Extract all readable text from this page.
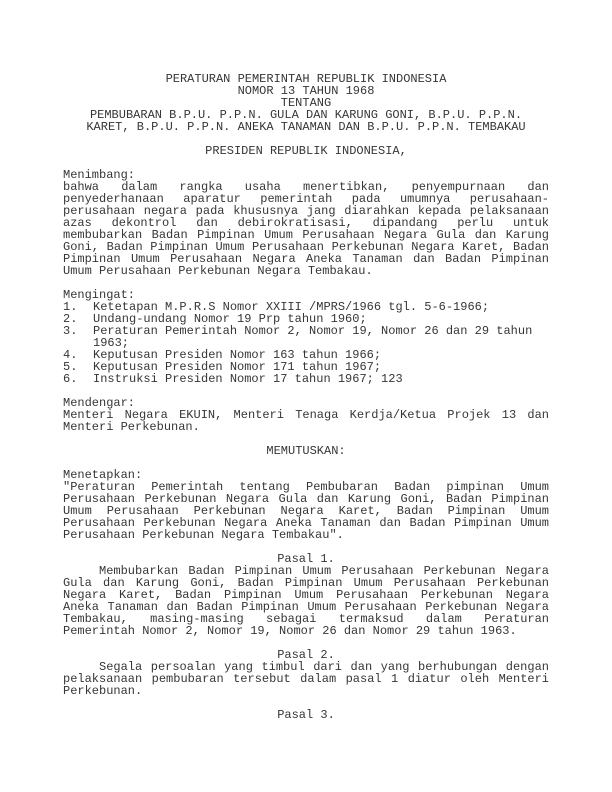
PERATURAN PEMERINTAH REPUBLIK INDONESIA
NOMOR 13 TAHUN 1968
TENTANG
PEMBUBARAN B.P.U. P.P.N. GULA DAN KARUNG GONI, B.P.U. P.P.N.
KARET, B.P.U. P.P.N. ANEKA TANAMAN DAN B.P.U. P.P.N. TEMBAKAU
PRESIDEN REPUBLIK INDONESIA,
Menimbang:
bahwa dalam rangka usaha menertibkan, penyempurnaan dan penyederhanaan aparatur pemerintah pada umumnya perusahaan-perusahaan negara pada khususnya jang diarahkan kepada pelaksanaan azas dekontrol dan debirokratisasi, dipandang perlu untuk membubarkan Badan Pimpinan Umum Perusahaan Negara Gula dan Karung Goni, Badan Pimpinan Umum Perusahaan Perkebunan Negara Karet, Badan Pimpinan Umum Perusahaan Negara Aneka Tanaman dan Badan Pimpinan Umum Perusahaan Perkebunan Negara Tembakau.
Mengingat:
1.	Ketetapan M.P.R.S Nomor XXIII /MPRS/1966 tgl. 5-6-1966;
2.	Undang-undang Nomor 19 Prp tahun 1960;
3.	Peraturan Pemerintah Nomor 2, Nomor 19, Nomor 26 dan 29 tahun 1963;
4.	Keputusan Presiden Nomor 163 tahun 1966;
5.	Keputusan Presiden Nomor 171 tahun 1967;
6.	Instruksi Presiden Nomor 17 tahun 1967; 123
Mendengar:
Menteri Negara EKUIN, Menteri Tenaga Kerdja/Ketua Projek 13 dan Menteri Perkebunan.
MEMUTUSKAN:
Menetapkan:
"Peraturan Pemerintah tentang Pembubaran Badan pimpinan Umum Perusahaan Perkebunan Negara Gula dan Karung Goni, Badan Pimpinan Umum Perusahaan Perkebunan Negara Karet, Badan Pimpinan Umum Perusahaan Perkebunan Negara Aneka Tanaman dan Badan Pimpinan Umum Perusahaan Perkebunan Negara Tembakau".
Pasal 1.
Membubarkan Badan Pimpinan Umum Perusahaan Perkebunan Negara Gula dan Karung Goni, Badan Pimpinan Umum Perusahaan Perkebunan Negara Karet, Badan Pimpinan Umum Perusahaan Perkebunan Negara Aneka Tanaman dan Badan Pimpinan Umum Perusahaan Perkebunan Negara Tembakau, masing-masing sebagai termaksud dalam Peraturan Pemerintah Nomor 2, Nomor 19, Nomor 26 dan Nomor 29 tahun 1963.
Pasal 2.
Segala persoalan yang timbul dari dan yang berhubungan dengan pelaksanaan pembubaran tersebut dalam pasal 1 diatur oleh Menteri Perkebunan.
Pasal 3.
